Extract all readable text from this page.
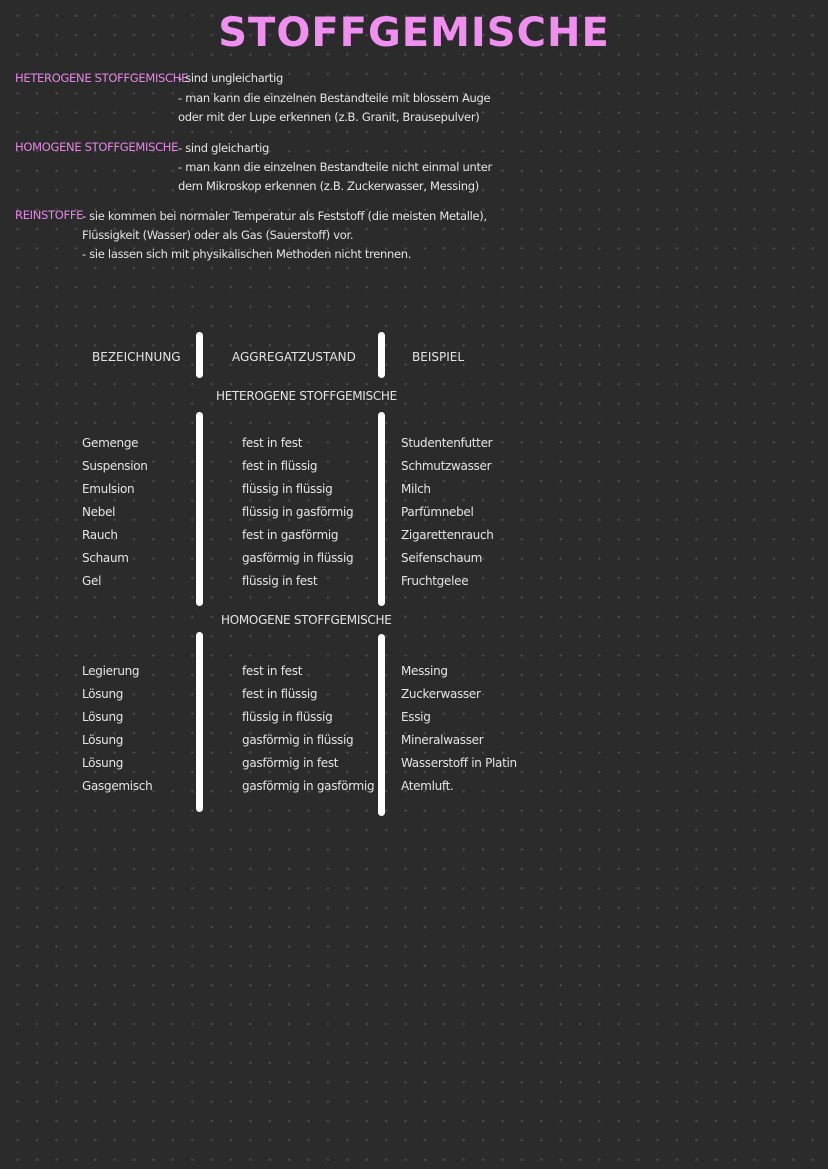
STOFFGEMISCHE
HETEROGENE STOFFGEMISCHE
- sind ungleichartig
- man kann die einzelnen Bestandteile mit blossem Auge
oder mit der Lupe erkennen (z.B. Granit, Brausepulver)
HOMOGENE STOFFGEMISCHE - sind gleichartig
- man kann die einzelnen Bestandteile nicht einmal unter
dem Mikroskop erkennen (z.B. Zuckerwasser, Messing)
REINSTOFFE
- sie kommen bei normaler Temperatur als Feststoff (die meisten Metalle),
Flüssigkeit (Wasser) oder als Gas (Sauerstoff) vor.
- sie lassen sich mit physikalischen Methoden nicht trennen.
BEZEICHNUNG	AGGREGATZUSTAND	BEISPIEL
HETEROGENE STOFFGEMISCHE
Gemenge	fest in fest	Studentenfutter
Suspension	fest in flüssig	Schmutzwasser
Emulsion	flüssig in flüssig	Milch
Nebel	flüssig in gasförmig	Parfümnebel
Rauch	fest in gasförmig	Zigarettenrauch
Schaum	gasförmig in flüssig	Seifenschaum
Gel	flüssig in fest	Fruchtgelee
HOMOGENE STOFFGEMISCHE
Legierung	fest in fest	Messing
Lösung	fest in flüssig	Zuckerwasser
Lösung	flüssig in flüssig	Essig
Lösung	gasförmig in flüssig	Mineralwasser
Lösung	gasförmig in fest	Wasserstoff in Platin
Gasgemisch	gasförmig in gasförmig Atemluft.
